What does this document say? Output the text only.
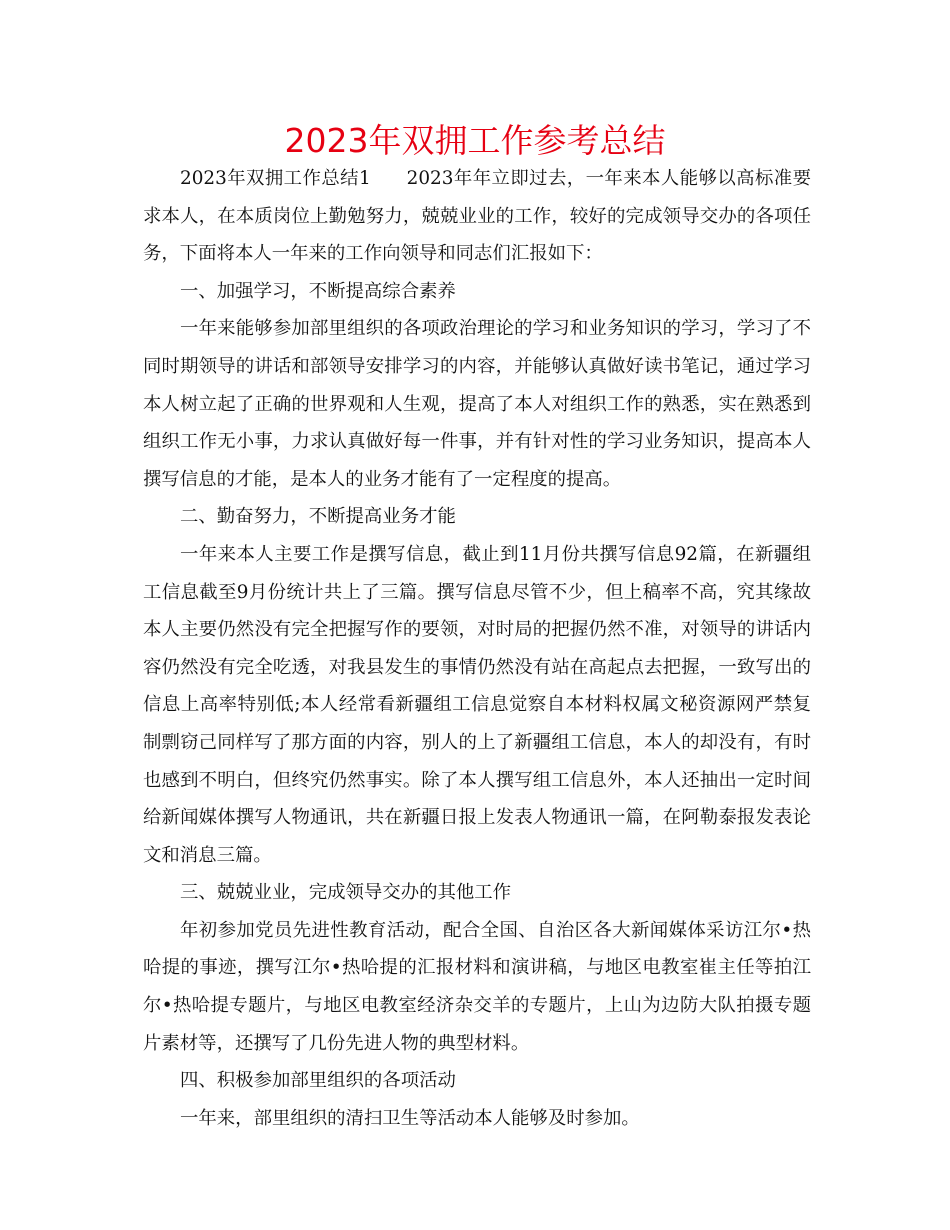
2023年双拥工作参考总结

2023年双拥工作总结1 2023年年立即过去，一年来本人能够以高标准要求本人，在本质岗位上勤勉努力，兢兢业业的工作，较好的完成领导交办的各项任务，下面将本人一年来的工作向领导和同志们汇报如下：

一、加强学习，不断提高综合素养

一年来能够参加部里组织的各项政治理论的学习和业务知识的学习，学习了不同时期领导的讲话和部领导安排学习的内容，并能够认真做好读书笔记，通过学习本人树立起了正确的世界观和人生观，提高了本人对组织工作的熟悉，实在熟悉到组织工作无小事，力求认真做好每一件事，并有针对性的学习业务知识，提高本人撰写信息的才能，是本人的业务才能有了一定程度的提高。

二、勤奋努力，不断提高业务才能

一年来本人主要工作是撰写信息，截止到11月份共撰写信息92篇，在新疆组工信息截至9月份统计共上了三篇。撰写信息尽管不少，但上稿率不高，究其缘故本人主要仍然没有完全把握写作的要领，对时局的把握仍然不准，对领导的讲话内容仍然没有完全吃透，对我县发生的事情仍然没有站在高起点去把握，一致写出的信息上高率特别低;本人经常看新疆组工信息觉察自本材料权属文秘资源网严禁复制剽窃己同样写了那方面的内容，别人的上了新疆组工信息，本人的却没有，有时也感到不明白，但终究仍然事实。除了本人撰写组工信息外，本人还抽出一定时间给新闻媒体撰写人物通讯，共在新疆日报上发表人物通讯一篇，在阿勒泰报发表论文和消息三篇。

三、兢兢业业，完成领导交办的其他工作

年初参加党员先进性教育活动，配合全国、自治区各大新闻媒体采访江尔•热哈提的事迹，撰写江尔•热哈提的汇报材料和演讲稿，与地区电教室崔主任等拍江尔•热哈提专题片，与地区电教室经济杂交羊的专题片，上山为边防大队拍摄专题片素材等，还撰写了几份先进人物的典型材料。

四、积极参加部里组织的各项活动

一年来，部里组织的清扫卫生等活动本人能够及时参加。
